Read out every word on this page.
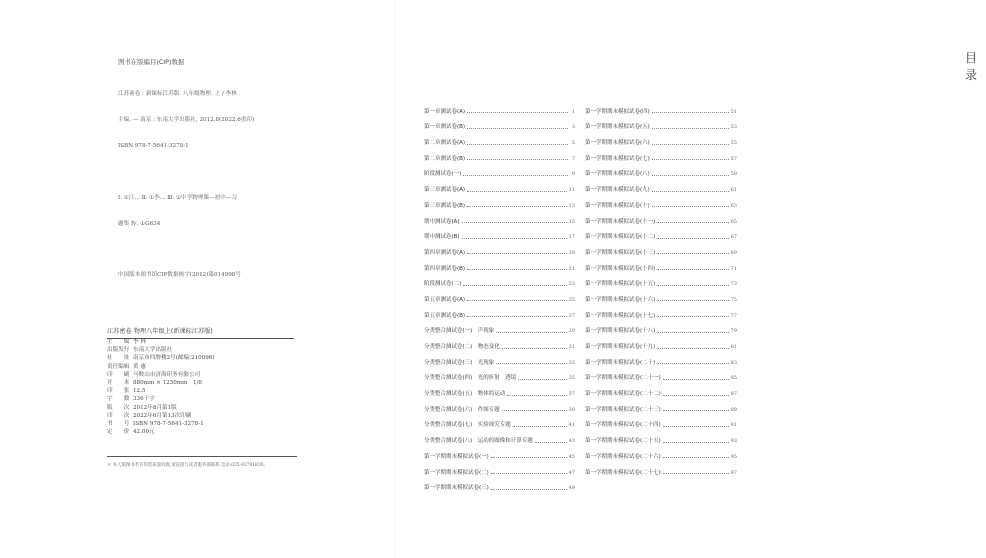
图书在版编目(CIP)数据

江苏密卷 : 新课标江苏版. 八年级物理. 上 / 李林

主编. — 南京 : 东南大学出版社, 2012.8(2022.6重印)

ISBN 978-7-5641-3278-1

Ⅰ. ①江… Ⅱ. ①李… Ⅲ. ①中学物理课—初中—习

题集 Ⅳ. ①G634

中国版本图书馆CIP数据核字(2012)第014998号

江苏密卷 物理八年级上(新课标江苏版)
主　　编 李 林
出版发行 东南大学出版社
社　　址 南京市四牌楼2号(邮编:210096)
责任编辑 黄 惠
印　　刷 马鞍山市济海印务有限公司
开　　本 880mm × 1230mm　1/8
印　　张 12.5
字　　数 336千字
版　　次 2012年8月第1版
印　　次 2022年6月第13次印刷
书　　号 ISBN 978-7-5641-3278-1
定　　价 42.00元
＊ 本人版图书若有印装质量问题,请直接与读者服务部联系,电话:025-83791830。
目录
第一章测试卷(A)	1
第一章测试卷(B)	3
第二章测试卷(A)	5
第二章测试卷(B)	7
阶段测试卷(一)	9
第三章测试卷(A)	11
第三章测试卷(B)	13
期中测试卷(A)	15
期中测试卷(B)	17
第四章测试卷(A)	19
第四章测试卷(B)	21
阶段测试卷(二)	23
第五章测试卷(A)	25
第五章测试卷(B)	27
分类整合测试卷(一)　声现象	29
分类整合测试卷(二)　物态变化	31
分类整合测试卷(三)　光现象	33
分类整合测试卷(四)　光的折射　透镜	35
分类整合测试卷(五)　物体的运动	37
分类整合测试卷(六)　作图专题	39
分类整合测试卷(七)　实验探究专题	41
分类整合测试卷(八)　运动的图像和计算专题	43
第一学期期末模拟试卷(一)	45
第一学期期末模拟试卷(二)	47
第一学期期末模拟试卷(三)	49
第一学期期末模拟试卷(四)	51
第一学期期末模拟试卷(五)	53
第一学期期末模拟试卷(六)	55
第一学期期末模拟试卷(七)	57
第一学期期末模拟试卷(八)	59
第一学期期末模拟试卷(九)	61
第一学期期末模拟试卷(十)	63
第一学期期末模拟试卷(十一)	65
第一学期期末模拟试卷(十二)	67
第一学期期末模拟试卷(十三)	69
第一学期期末模拟试卷(十四)	71
第一学期期末模拟试卷(十五)	73
第一学期期末模拟试卷(十六)	75
第一学期期末模拟试卷(十七)	77
第一学期期末模拟试卷(十八)	79
第一学期期末模拟试卷(十九)	81
第一学期期末模拟试卷(二十)	83
第一学期期末模拟试卷(二十一)	85
第一学期期末模拟试卷(二十二)	87
第一学期期末模拟试卷(二十三)	89
第一学期期末模拟试卷(二十四)	91
第一学期期末模拟试卷(二十五)	93
第一学期期末模拟试卷(二十六)	95
第一学期期末模拟试卷(二十七)	97
